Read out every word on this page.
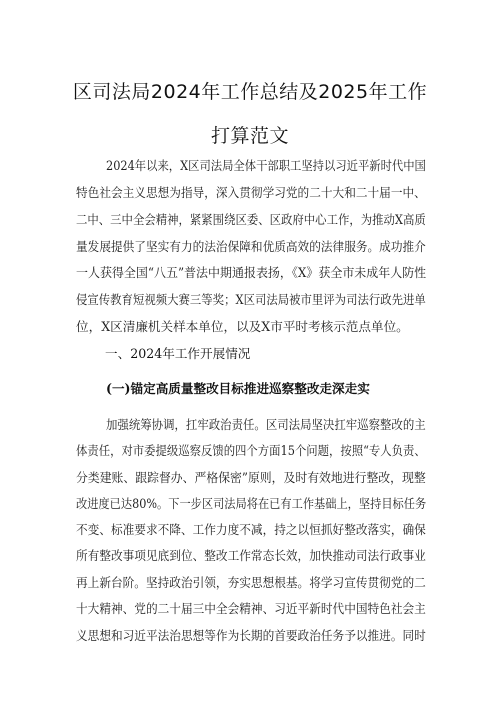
区司法局2024年工作总结及2025年工作
打算范文
2024年以来，X区司法局全体干部职工坚持以习近平新时代中国
特色社会主义思想为指导，深入贯彻学习党的二十大和二十届一中、
二中、三中全会精神，紧紧围绕区委、区政府中心工作，为推动X高质
量发展提供了坚实有力的法治保障和优质高效的法律服务。成功推介
一人获得全国“八五”普法中期通报表扬，《X》获全市未成年人防性
侵宣传教育短视频大赛三等奖；X区司法局被市里评为司法行政先进单
位，X区清廉机关样本单位，以及X市平时考核示范点单位。
一、2024年工作开展情况
(一)锚定高质量整改目标推进巡察整改走深走实
加强统筹协调，扛牢政治责任。区司法局坚决扛牢巡察整改的主
体责任，对市委提级巡察反馈的四个方面15个问题，按照“专人负责、
分类建账、跟踪督办、严格保密”原则，及时有效地进行整改，现整
改进度已达80%。下一步区司法局将在已有工作基础上，坚持目标任务
不变、标准要求不降、工作力度不减，持之以恒抓好整改落实，确保
所有整改事项见底到位、整改工作常态长效，加快推动司法行政事业
再上新台阶。坚持政治引领，夯实思想根基。将学习宣传贯彻党的二
十大精神、党的二十届三中全会精神、习近平新时代中国特色社会主
义思想和习近平法治思想等作为长期的首要政治任务予以推进。同时
